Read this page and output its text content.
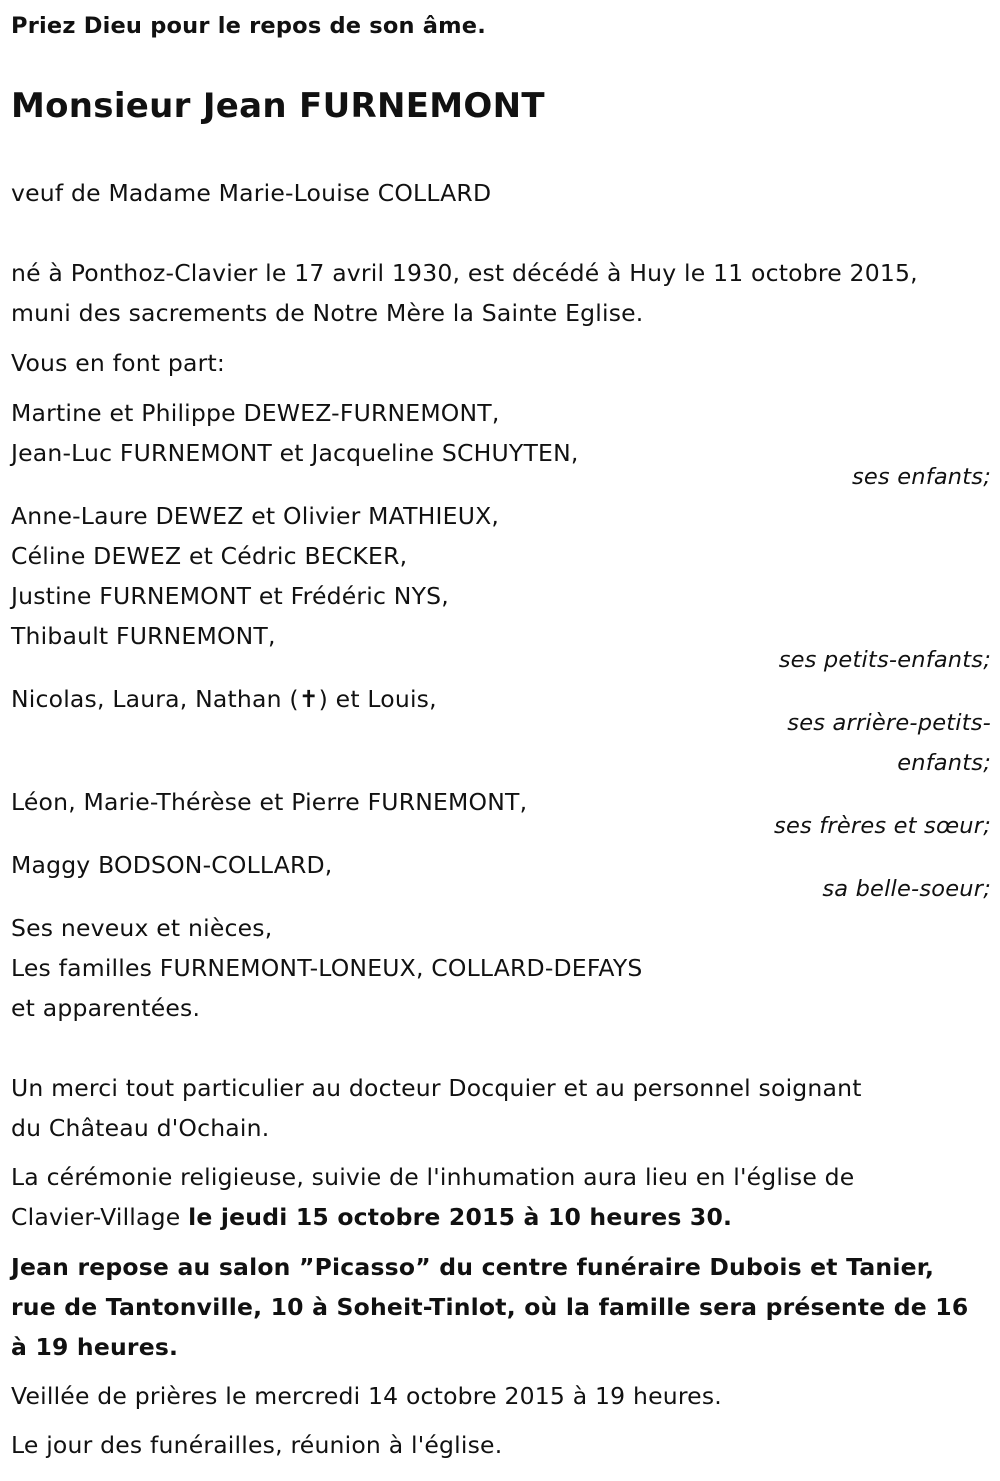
Priez Dieu pour le repos de son âme.
Monsieur Jean FURNEMONT
veuf de Madame Marie-Louise COLLARD
né à Ponthoz-Clavier le 17 avril 1930, est décédé à Huy le 11 octobre 2015,
muni des sacrements de Notre Mère la Sainte Eglise.
Vous en font part:
Martine et Philippe DEWEZ-FURNEMONT,
Jean-Luc FURNEMONT et Jacqueline SCHUYTEN,
ses enfants;
Anne-Laure DEWEZ et Olivier MATHIEUX,
Céline DEWEZ et Cédric BECKER,
Justine FURNEMONT et Frédéric NYS,
Thibault FURNEMONT,
ses petits-enfants;
Nicolas, Laura, Nathan (✝) et Louis,
ses arrière-petits-
enfants;
Léon, Marie-Thérèse et Pierre FURNEMONT,
ses frères et sœur;
Maggy BODSON-COLLARD,
sa belle-soeur;
Ses neveux et nièces,
Les familles FURNEMONT-LONEUX, COLLARD-DEFAYS
et apparentées.
Un merci tout particulier au docteur Docquier et au personnel soignant
du Château d'Ochain.
La cérémonie religieuse, suivie de l'inhumation aura lieu en l'église de
Clavier-Village le jeudi 15 octobre 2015 à 10 heures 30.
Jean repose au salon ”Picasso” du centre funéraire Dubois et Tanier,
rue de Tantonville, 10 à Soheit-Tinlot, où la famille sera présente de 16
à 19 heures.
Veillée de prières le mercredi 14 octobre 2015 à 19 heures.
Le jour des funérailles, réunion à l'église.
